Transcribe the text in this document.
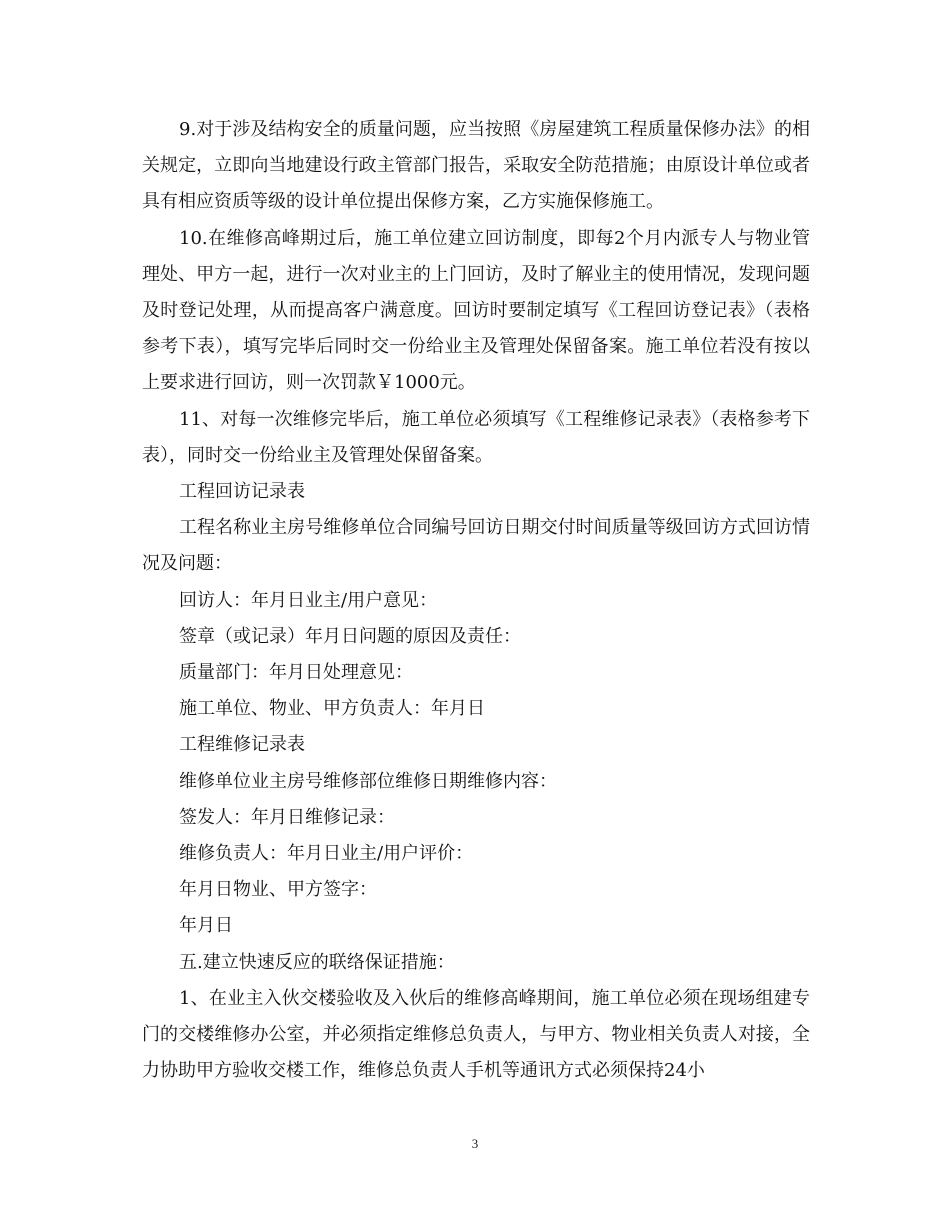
9.对于涉及结构安全的质量问题，应当按照《房屋建筑工程质量保修办法》的相关规定，立即向当地建设行政主管部门报告，采取安全防范措施；由原设计单位或者具有相应资质等级的设计单位提出保修方案，乙方实施保修施工。

10.在维修高峰期过后，施工单位建立回访制度，即每2个月内派专人与物业管理处、甲方一起，进行一次对业主的上门回访，及时了解业主的使用情况，发现问题及时登记处理，从而提高客户满意度。回访时要制定填写《工程回访登记表》（表格参考下表），填写完毕后同时交一份给业主及管理处保留备案。施工单位若没有按以上要求进行回访，则一次罚款￥1000元。

11、对每一次维修完毕后，施工单位必须填写《工程维修记录表》（表格参考下表），同时交一份给业主及管理处保留备案。

工程回访记录表

工程名称业主房号维修单位合同编号回访日期交付时间质量等级回访方式回访情况及问题：

回访人：年月日业主/用户意见：

签章（或记录）年月日问题的原因及责任：

质量部门：年月日处理意见：

施工单位、物业、甲方负责人：年月日

工程维修记录表

维修单位业主房号维修部位维修日期维修内容：

签发人：年月日维修记录：

维修负责人：年月日业主/用户评价：

年月日物业、甲方签字：

年月日

五.建立快速反应的联络保证措施：

1、在业主入伙交楼验收及入伙后的维修高峰期间，施工单位必须在现场组建专门的交楼维修办公室，并必须指定维修总负责人，与甲方、物业相关负责人对接，全力协助甲方验收交楼工作，维修总负责人手机等通讯方式必须保持24小

3
